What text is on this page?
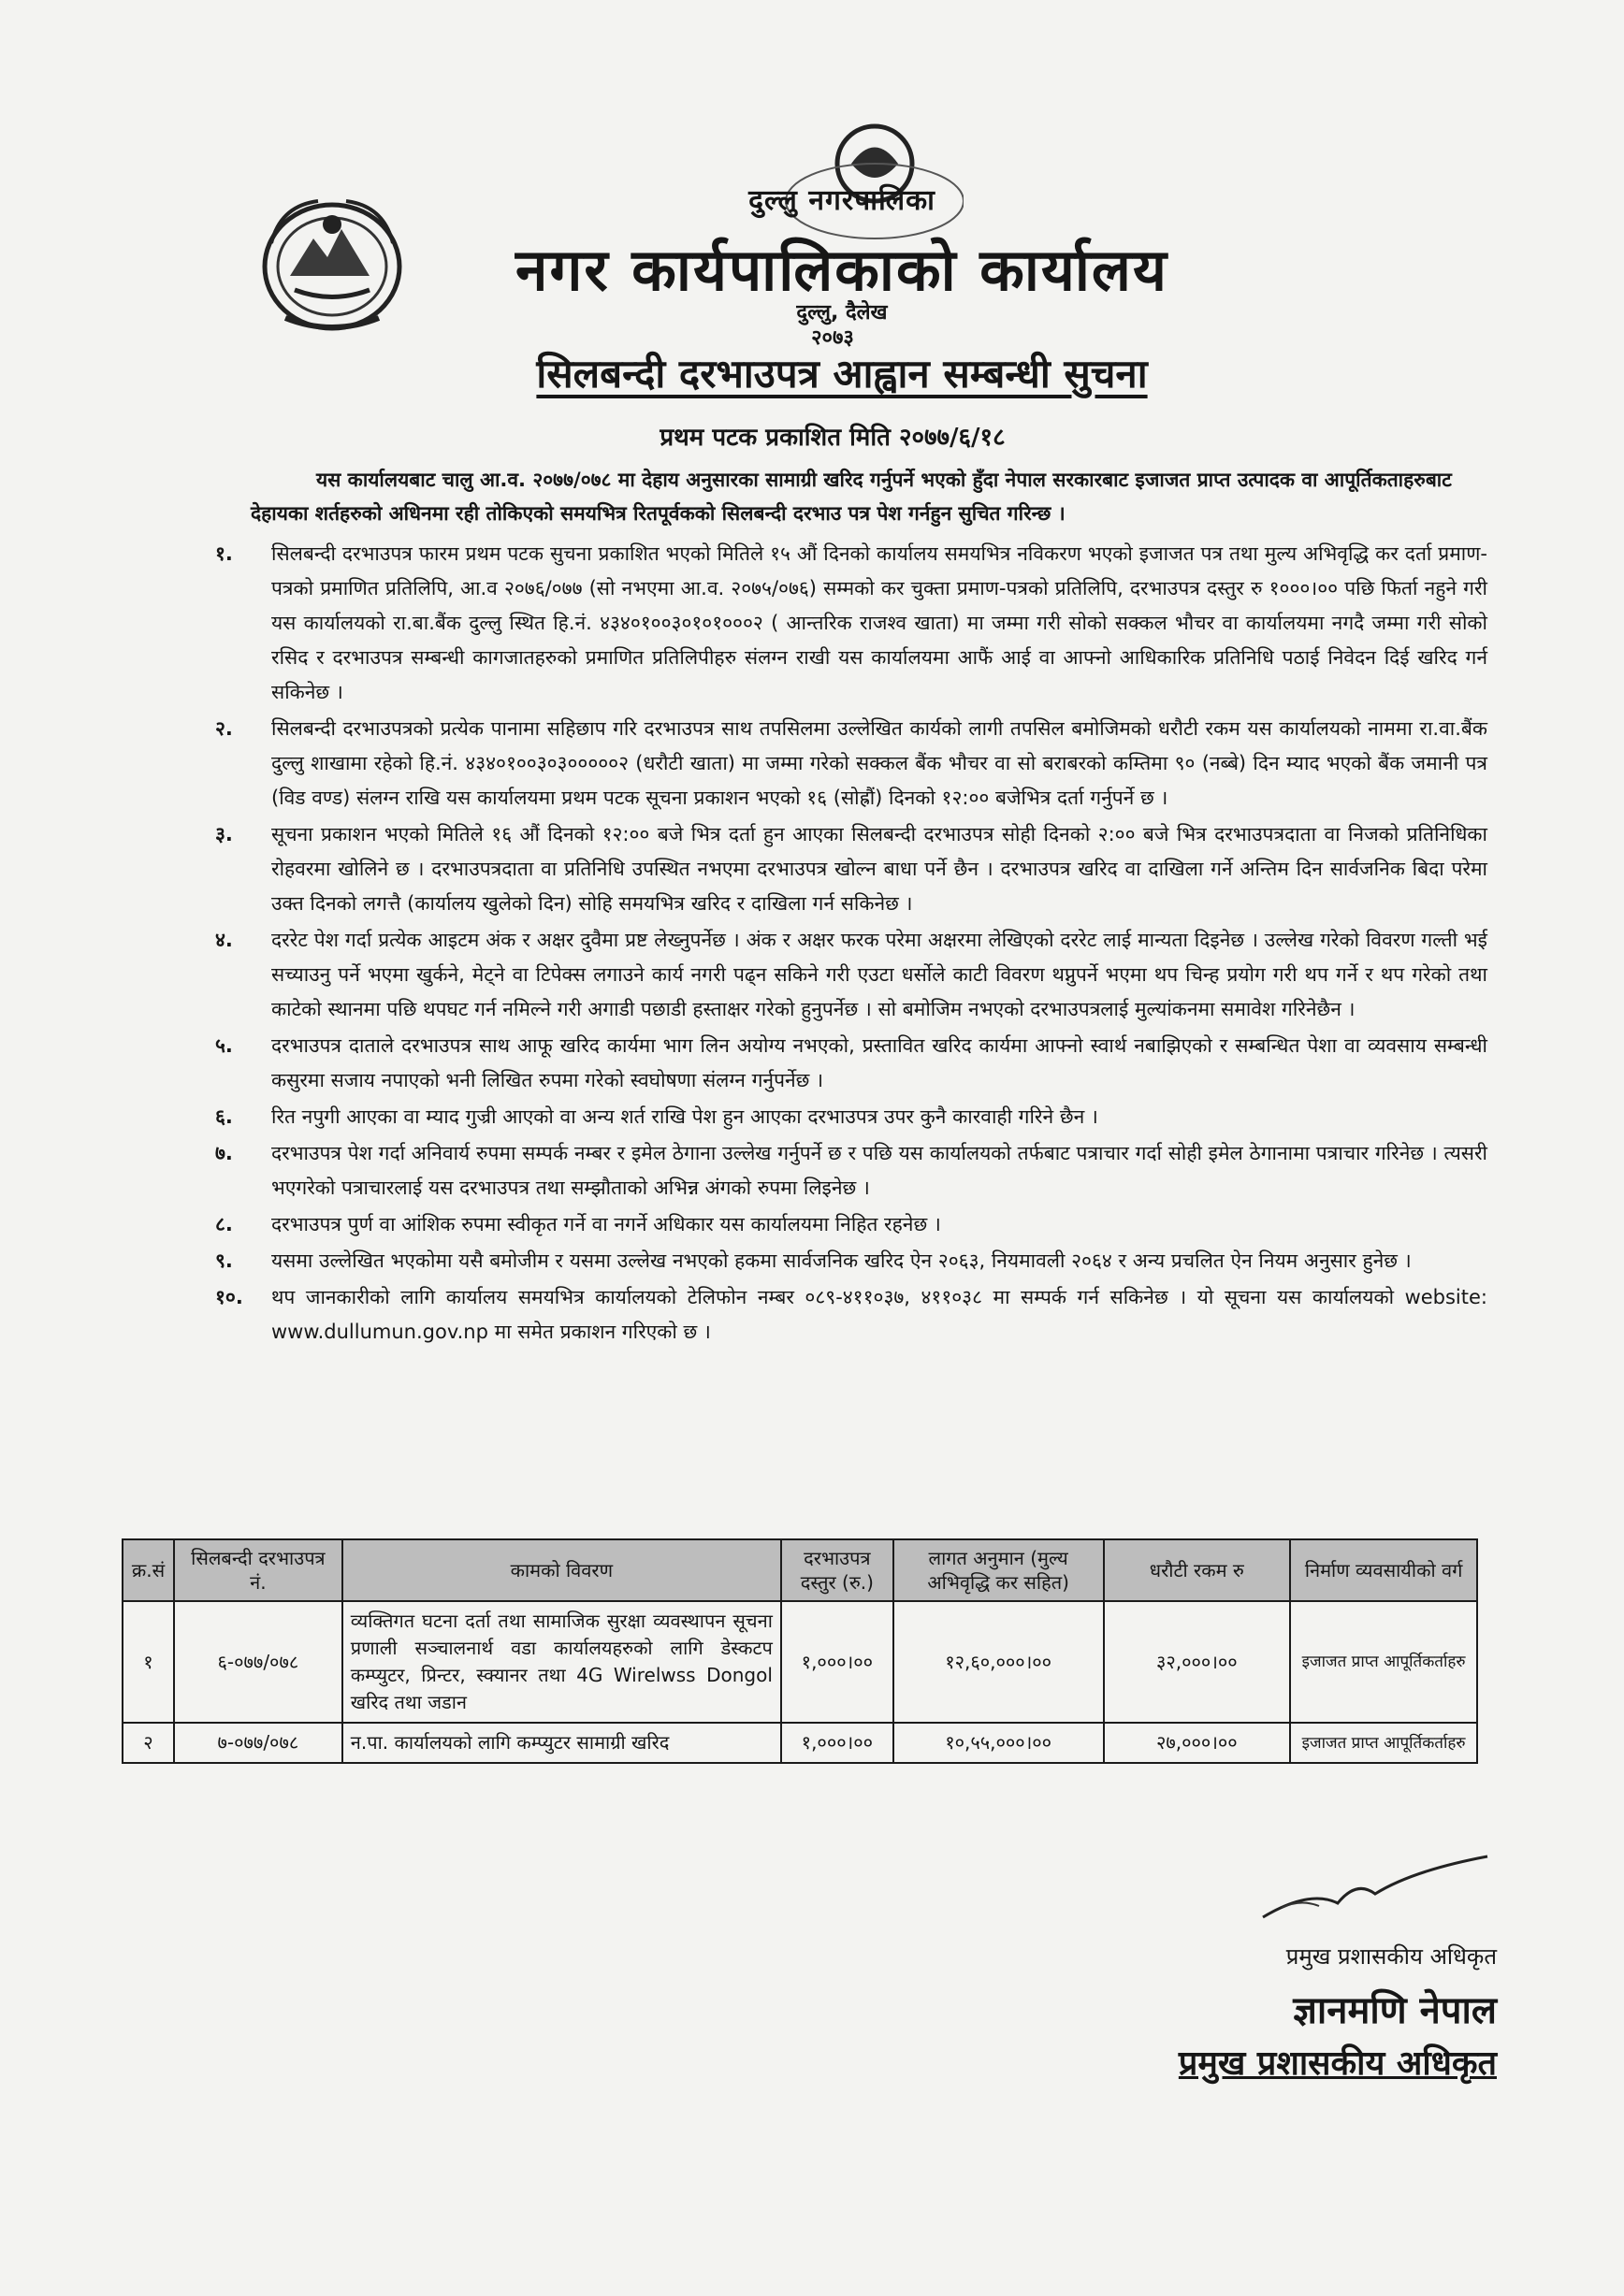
दुल्लु नगरपालिका
नगर कार्यपालिकाको कार्यालय
दुल्लु, दैलेख
२०७३
सिलबन्दी दरभाउपत्र आह्वान सम्बन्धी सुचना
प्रथम पटक प्रकाशित मिति २०७७/६/१८
यस कार्यालयबाट चालु आ.व. २०७७/०७८ मा देहाय अनुसारका सामाग्री खरिद गर्नुपर्ने भएको हुँदा नेपाल सरकारबाट इजाजत प्राप्त उत्पादक वा आपूर्तिकताहरुबाट देहायका शर्तहरुको अधिनमा रही तोकिएको समयभित्र रितपूर्वकको सिलबन्दी दरभाउ पत्र पेश गर्नहुन सुचित गरिन्छ ।
१.	सिलबन्दी दरभाउपत्र फारम प्रथम पटक सुचना प्रकाशित भएको मितिले १५ औं दिनको कार्यालय समयभित्र नविकरण भएको इजाजत पत्र तथा मुल्य अभिवृद्धि कर दर्ता प्रमाण-पत्रको प्रमाणित प्रतिलिपि, आ.व २०७६/०७७ (सो नभएमा आ.व. २०७५/०७६) सम्मको कर चुक्ता प्रमाण-पत्रको प्रतिलिपि, दरभाउपत्र दस्तुर रु १०००।०० पछि फिर्ता नहुने गरी यस कार्यालयको रा.बा.बैंक दुल्लु स्थित हि.नं. ४३४०१००३०१०१०००२ ( आन्तरिक राजश्व खाता) मा जम्मा गरी सोको सक्कल भौचर वा कार्यालयमा नगदै जम्मा गरी सोको रसिद र दरभाउपत्र सम्बन्धी कागजातहरुको प्रमाणित प्रतिलिपीहरु संलग्न राखी यस कार्यालयमा आफैं आई वा आफ्नो आधिकारिक प्रतिनिधि पठाई निवेदन दिई खरिद गर्न सकिनेछ ।
२.	सिलबन्दी दरभाउपत्रको प्रत्येक पानामा सहिछाप गरि दरभाउपत्र साथ तपसिलमा उल्लेखित कार्यको लागी तपसिल बमोजिमको धरौटी रकम यस कार्यालयको नाममा रा.वा.बैंक दुल्लु शाखामा रहेको हि.नं. ४३४०१००३०३०००००२ (धरौटी खाता) मा जम्मा गरेको सक्कल बैंक भौचर वा सो बराबरको कम्तिमा ९० (नब्बे) दिन म्याद भएको बैंक जमानी पत्र (विड वण्ड) संलग्न राखि यस कार्यालयमा प्रथम पटक सूचना प्रकाशन भएको १६ (सोह्रौं) दिनको १२:०० बजेभित्र दर्ता गर्नुपर्ने छ ।
३.	सूचना प्रकाशन भएको मितिले १६ औं दिनको १२:०० बजे भित्र दर्ता हुन आएका सिलबन्दी दरभाउपत्र सोही दिनको २:०० बजे भित्र दरभाउपत्रदाता वा निजको प्रतिनिधिका रोहवरमा खोलिने छ । दरभाउपत्रदाता वा प्रतिनिधि उपस्थित नभएमा दरभाउपत्र खोल्न बाधा पर्ने छैन । दरभाउपत्र खरिद वा दाखिला गर्ने अन्तिम दिन सार्वजनिक बिदा परेमा उक्त दिनको लगत्तै (कार्यालय खुलेको दिन) सोहि समयभित्र खरिद र दाखिला गर्न सकिनेछ ।
४.	दररेट पेश गर्दा प्रत्येक आइटम अंक र अक्षर दुवैमा प्रष्ट लेख्नुपर्नेछ । अंक र अक्षर फरक परेमा अक्षरमा लेखिएको दररेट लाई मान्यता दिइनेछ । उल्लेख गरेको विवरण गल्ती भई सच्याउनु पर्ने भएमा खुर्कने, मेट्ने वा टिपेक्स लगाउने कार्य नगरी पढ्न सकिने गरी एउटा धर्सोले काटी विवरण थप्नुपर्ने भएमा थप चिन्ह प्रयोग गरी थप गर्ने र थप गरेको तथा काटेको स्थानमा पछि थपघट गर्न नमिल्ने गरी अगाडी पछाडी हस्ताक्षर गरेको हुनुपर्नेछ । सो बमोजिम नभएको दरभाउपत्रलाई मुल्यांकनमा समावेश गरिनेछैन ।
५.	दरभाउपत्र दाताले दरभाउपत्र साथ आफू खरिद कार्यमा भाग लिन अयोग्य नभएको, प्रस्तावित खरिद कार्यमा आफ्नो स्वार्थ नबाझिएको र सम्बन्धित पेशा वा व्यवसाय सम्बन्धी कसुरमा सजाय नपाएको भनी लिखित रुपमा गरेको स्वघोषणा संलग्न गर्नुपर्नेछ ।
६.	रित नपुगी आएका वा म्याद गुज्री आएको वा अन्य शर्त राखि पेश हुन आएका दरभाउपत्र उपर कुनै कारवाही गरिने छैन ।
७.	दरभाउपत्र पेश गर्दा अनिवार्य रुपमा सम्पर्क नम्बर र इमेल ठेगाना उल्लेख गर्नुपर्ने छ र पछि यस कार्यालयको तर्फबाट पत्राचार गर्दा सोही इमेल ठेगानामा पत्राचार गरिनेछ । त्यसरी भएगरेको पत्राचारलाई यस दरभाउपत्र तथा सम्झौताको अभिन्न अंगको रुपमा लिइनेछ ।
८.	दरभाउपत्र पुर्ण वा आंशिक रुपमा स्वीकृत गर्ने वा नगर्ने अधिकार यस कार्यालयमा निहित रहनेछ ।
९.	यसमा उल्लेखित भएकोमा यसै बमोजीम र यसमा उल्लेख नभएको हकमा सार्वजनिक खरिद ऐन २०६३, नियमावली २०६४ र अन्य प्रचलित ऐन नियम अनुसार हुनेछ ।
१०.	थप जानकारीको लागि कार्यालय समयभित्र कार्यालयको टेलिफोन नम्बर ०८९-४११०३७, ४११०३८ मा सम्पर्क गर्न सकिनेछ । यो सूचना यस कार्यालयको website: www.dullumun.gov.np मा समेत प्रकाशन गरिएको छ ।
क्र.सं	सिलबन्दी दरभाउपत्र नं.	कामको विवरण	दरभाउपत्र दस्तुर (रु.)	लागत अनुमान (मुल्य अभिवृद्धि कर सहित)	धरौटी रकम रु	निर्माण व्यवसायीको वर्ग
१	६-०७७/०७८	व्यक्तिगत घटना दर्ता तथा सामाजिक सुरक्षा व्यवस्थापन सूचना प्रणाली सञ्चालनार्थ वडा कार्यालयहरुको लागि डेस्कटप कम्प्युटर, प्रिन्टर, स्क्यानर तथा 4G Wirelwss Dongol खरिद तथा जडान	१,०००।००	१२,६०,०००।००	३२,०००।००	इजाजत प्राप्त आपूर्तिकर्ताहरु
२	७-०७७/०७८	न.पा. कार्यालयको लागि कम्प्युटर सामाग्री खरिद	१,०००।००	१०,५५,०००।००	२७,०००।००	इजाजत प्राप्त आपूर्तिकर्ताहरु
प्रमुख प्रशासकीय अधिकृत
ज्ञानमणि नेपाल
प्रमुख प्रशासकीय अधिकृत
